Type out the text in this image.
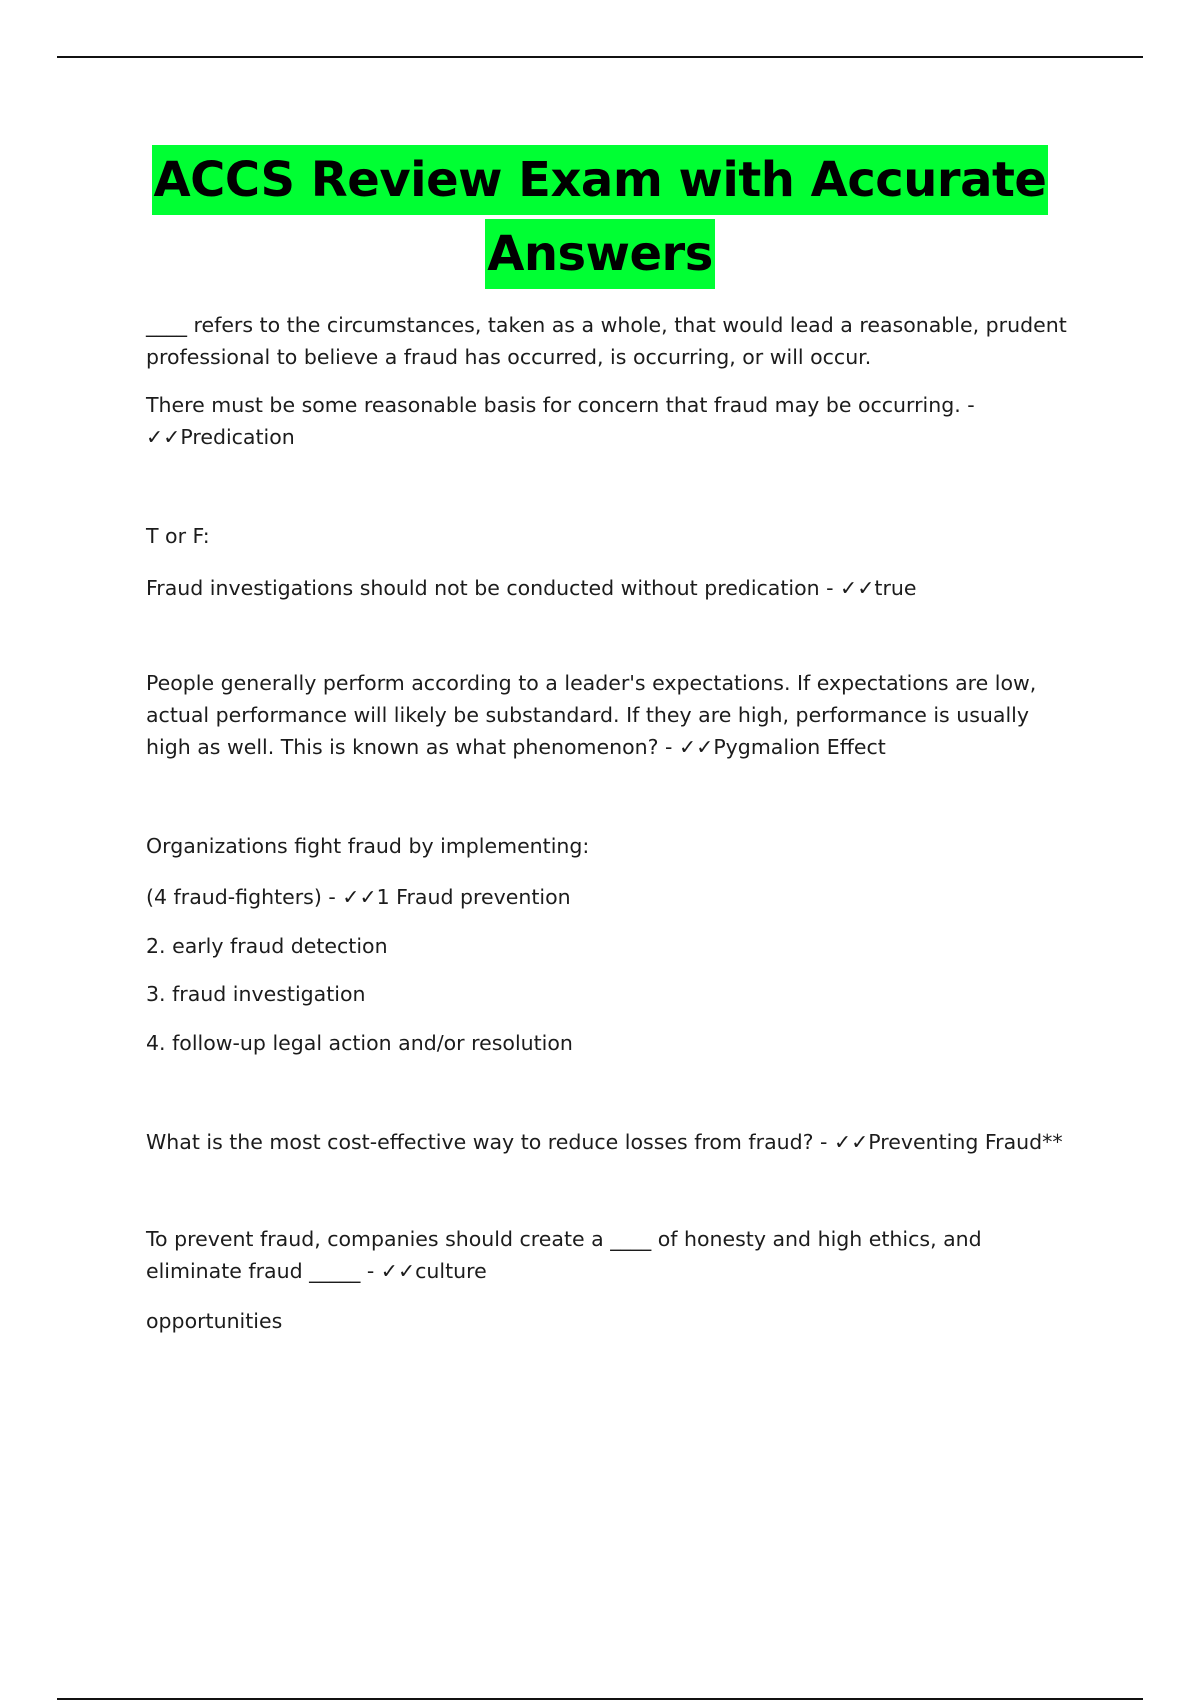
ACCS Review Exam with Accurate
Answers

____ refers to the circumstances, taken as a whole, that would lead a reasonable, prudent professional to believe a fraud has occurred, is occurring, or will occur.

There must be some reasonable basis for concern that fraud may be occurring. - ✓✓Predication

T or F:

Fraud investigations should not be conducted without predication - ✓✓true

People generally perform according to a leader's expectations. If expectations are low, actual performance will likely be substandard. If they are high, performance is usually high as well. This is known as what phenomenon? - ✓✓Pygmalion Effect

Organizations fight fraud by implementing:

(4 fraud-fighters) - ✓✓1 Fraud prevention

2. early fraud detection

3. fraud investigation

4. follow-up legal action and/or resolution

What is the most cost-effective way to reduce losses from fraud? - ✓✓Preventing Fraud**

To prevent fraud, companies should create a ____ of honesty and high ethics, and eliminate fraud _____ - ✓✓culture

opportunities
